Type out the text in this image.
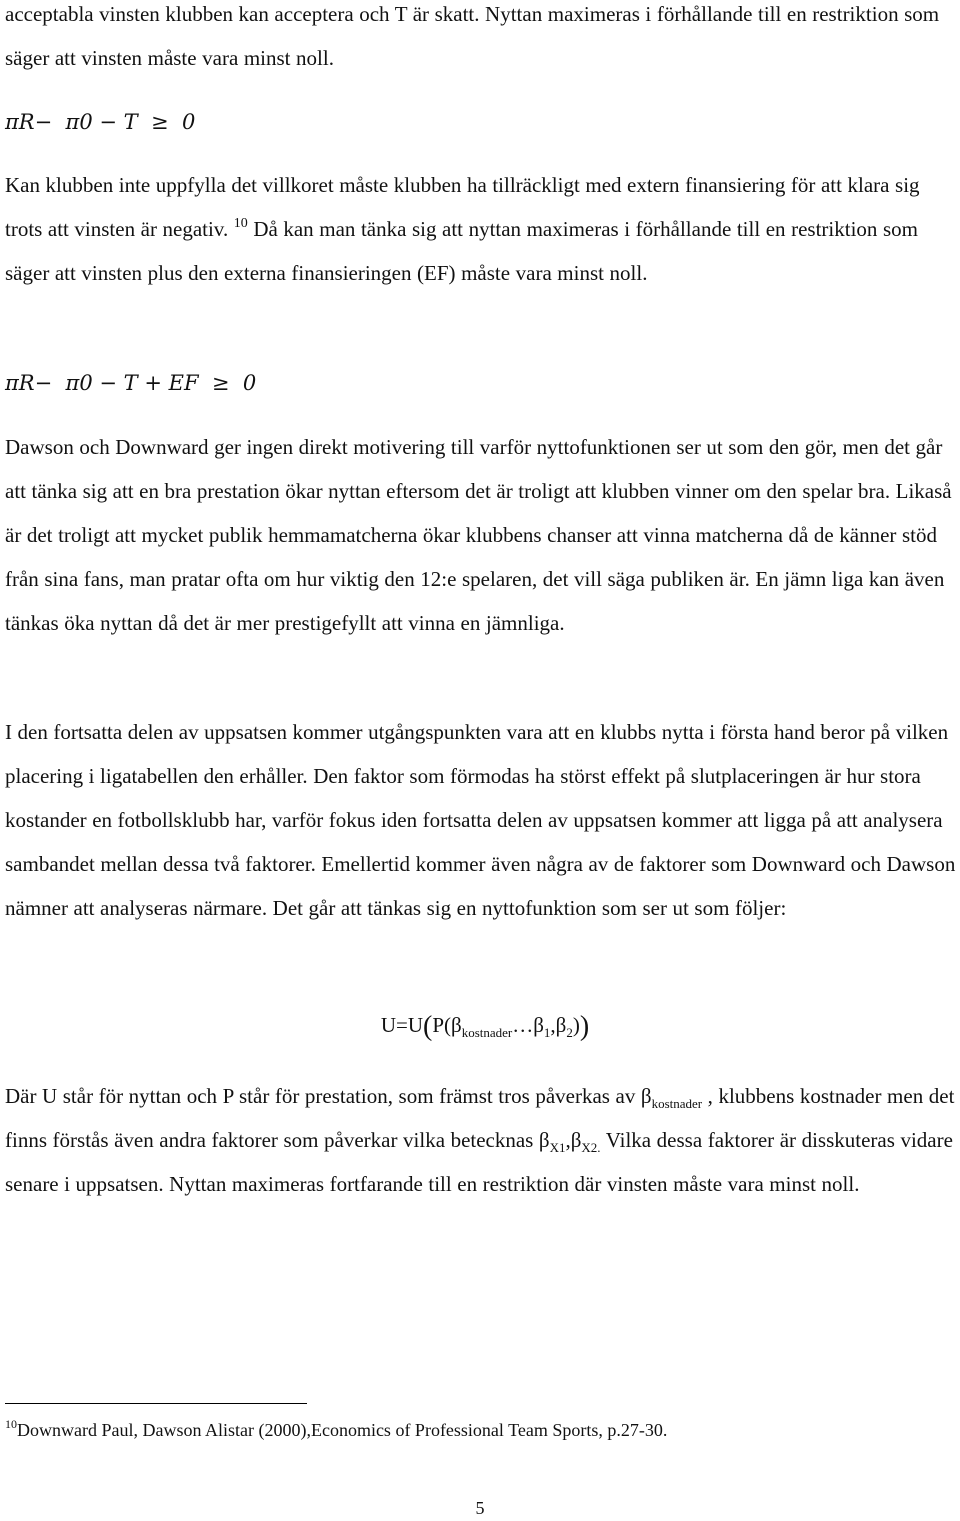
acceptabla vinsten klubben kan acceptera och T är skatt. Nyttan maximeras i förhållande till en restriktion som säger att vinsten måste vara minst noll.

πR−  π0 − T  ≥  0

Kan klubben inte uppfylla det villkoret måste klubben ha tillräckligt med extern finansiering för att klara sig trots att vinsten är negativ. $^{10}$ Då kan man tänka sig att nyttan maximeras i förhållande till en restriktion som säger att vinsten plus den externa finansieringen (EF) måste vara minst noll.

πR−  π0 − T + EF  ≥  0

Dawson och Downward ger ingen direkt motivering till varför nyttofunktionen ser ut som den gör, men det går att tänka sig att en bra prestation ökar nyttan eftersom det är troligt att klubben vinner om den spelar bra. Likaså är det troligt att mycket publik hemmamatcherna ökar klubbens chanser att vinna matcherna då de känner stöd från sina fans, man pratar ofta om hur viktig den 12:e spelaren, det vill säga publiken är. En jämn liga kan även tänkas öka nyttan då det är mer prestigefyllt att vinna en jämnliga.

I den fortsatta delen av uppsatsen kommer utgångspunkten vara att en klubbs nytta i första hand beror på vilken placering i ligatabellen den erhåller. Den faktor som förmodas ha störst effekt på slutplaceringen är hur stora kostander en fotbollsklubb har, varför fokus iden fortsatta delen av uppsatsen kommer att ligga på att analysera sambandet mellan dessa två faktorer. Emellertid kommer även några av de faktorer som Downward och Dawson nämner att analyseras närmare. Det går att tänkas sig en nyttofunktion som ser ut som följer:

$U=U(P(\beta_{kostnader}\dots\beta_1,\beta_2))$

Där U står för nyttan och P står för prestation, som främst tros påverkas av $\beta_{kostnader}$ , klubbens kostnader men det finns förstås även andra faktorer som påverkar vilka betecknas $\beta_{X1},\beta_{X2.}$ Vilka dessa faktorer är disskuteras vidare senare i uppsatsen. Nyttan maximeras fortfarande till en restriktion där vinsten måste vara minst noll.

$^{10}$Downward Paul, Dawson Alistar (2000),Economics of Professional Team Sports, p.27-30.
5
